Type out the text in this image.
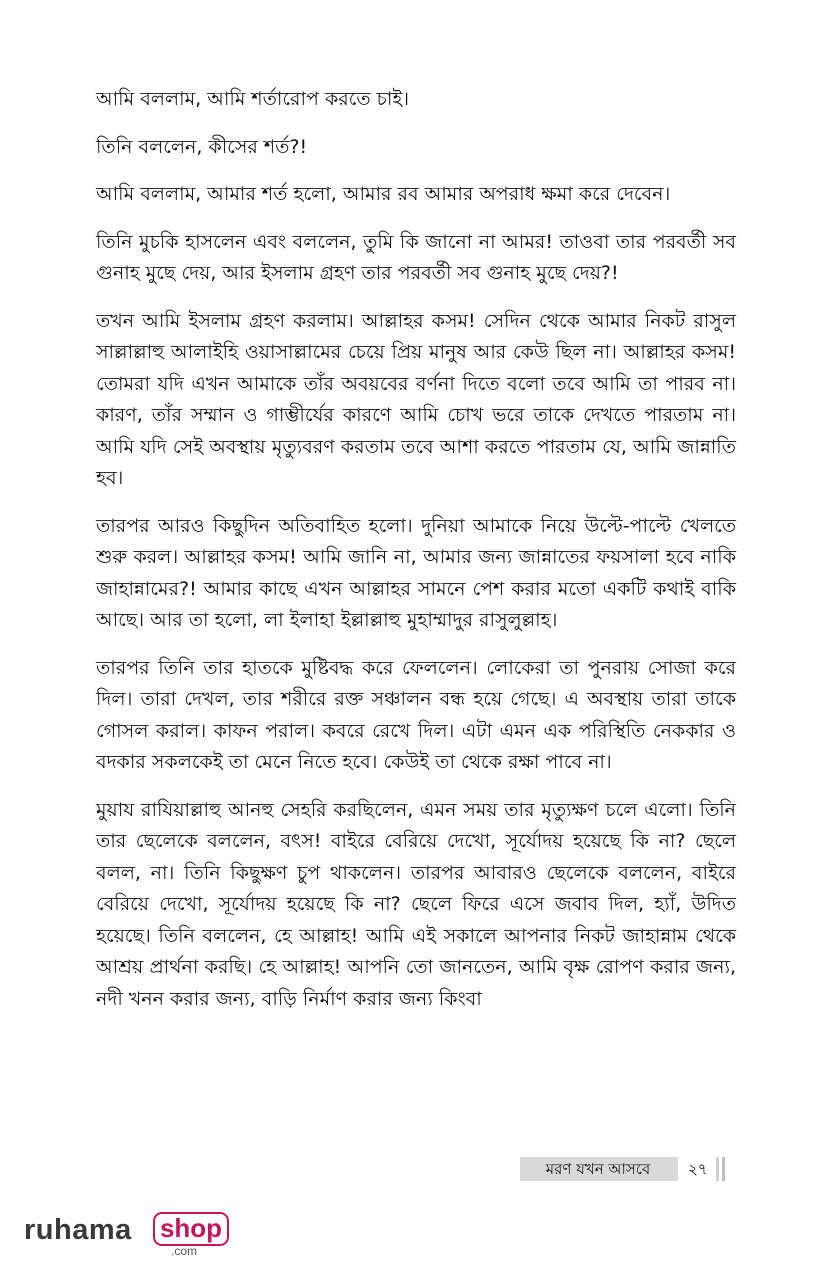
আমি বললাম, আমি শর্তারোপ করতে চাই।

তিনি বললেন, কীসের শর্ত?!

আমি বললাম, আমার শর্ত হলো, আমার রব আমার অপরাধ ক্ষমা করে দেবেন।

তিনি মুচকি হাসলেন এবং বললেন, তুমি কি জানো না আমর! তাওবা তার পরবর্তী সব গুনাহ মুছে দেয়, আর ইসলাম গ্রহণ তার পরবর্তী সব গুনাহ মুছে দেয়?!

তখন আমি ইসলাম গ্রহণ করলাম। আল্লাহর কসম! সেদিন থেকে আমার নিকট রাসুল সাল্লাল্লাহু আলাইহি ওয়াসাল্লামের চেয়ে প্রিয় মানুষ আর কেউ ছিল না। আল্লাহর কসম! তোমরা যদি এখন আমাকে তাঁর অবয়বের বর্ণনা দিতে বলো তবে আমি তা পারব না। কারণ, তাঁর সম্মান ও গাম্ভীর্যের কারণে আমি চোখ ভরে তাকে দেখতে পারতাম না। আমি যদি সেই অবস্থায় মৃত্যুবরণ করতাম তবে আশা করতে পারতাম যে, আমি জান্নাতি হব।

তারপর আরও কিছুদিন অতিবাহিত হলো। দুনিয়া আমাকে নিয়ে উল্টে-পাল্টে খেলতে শুরু করল। আল্লাহর কসম! আমি জানি না, আমার জন্য জান্নাতের ফয়সালা হবে নাকি জাহান্নামের?! আমার কাছে এখন আল্লাহর সামনে পেশ করার মতো একটি কথাই বাকি আছে। আর তা হলো, লা ইলাহা ইল্লাল্লাহু মুহাম্মাদুর রাসুলুল্লাহ।

তারপর তিনি তার হাতকে মুষ্টিবদ্ধ করে ফেললেন। লোকেরা তা পুনরায় সোজা করে দিল। তারা দেখল, তার শরীরে রক্ত সঞ্চালন বন্ধ হয়ে গেছে। এ অবস্থায় তারা তাকে গোসল করাল। কাফন পরাল। কবরে রেখে দিল। এটা এমন এক পরিস্থিতি নেককার ও বদকার সকলকেই তা মেনে নিতে হবে। কেউই তা থেকে রক্ষা পাবে না।

মুয়ায রাযিয়াল্লাহু আনহু সেহরি করছিলেন, এমন সময় তার মৃত্যুক্ষণ চলে এলো। তিনি তার ছেলেকে বললেন, বৎস! বাইরে বেরিয়ে দেখো, সূর্যোদয় হয়েছে কি না? ছেলে বলল, না। তিনি কিছুক্ষণ চুপ থাকলেন। তারপর আবারও ছেলেকে বললেন, বাইরে বেরিয়ে দেখো, সূর্যোদয় হয়েছে কি না? ছেলে ফিরে এসে জবাব দিল, হ্যাঁ, উদিত হয়েছে। তিনি বললেন, হে আল্লাহ! আমি এই সকালে আপনার নিকট জাহান্নাম থেকে আশ্রয় প্রার্থনা করছি। হে আল্লাহ! আপনি তো জানতেন, আমি বৃক্ষ রোপণ করার জন্য, নদী খনন করার জন্য, বাড়ি নির্মাণ করার জন্য কিংবা

মরণ যখন আসবে	২৭
ruhama shop
.com
